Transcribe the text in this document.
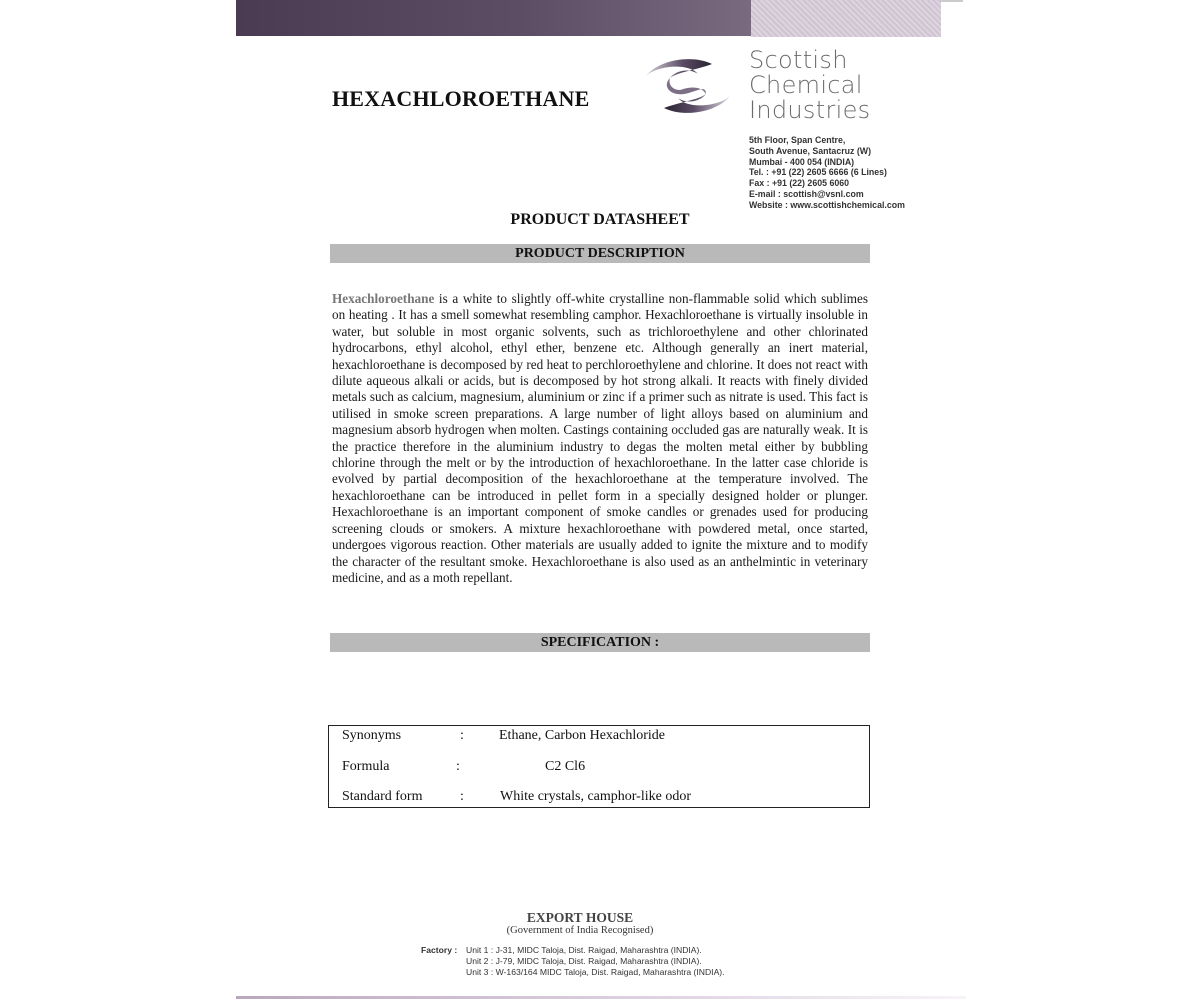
HEXACHLOROETHANE
Scottish
Chemical
Industries
5th Floor, Span Centre,
South Avenue, Santacruz (W)
Mumbai - 400 054 (INDIA)
Tel. : +91 (22) 2605 6666 (6 Lines)
Fax : +91 (22) 2605 6060
E-mail : scottish@vsnl.com
Website : www.scottishchemical.com
PRODUCT DATASHEET
PRODUCT DESCRIPTION

Hexachloroethane is a white to slightly off-white crystalline non-flammable solid which sublimes on heating . It has a smell somewhat resembling camphor. Hexachloroethane is virtually insoluble in water, but soluble in most organic solvents, such as trichloroethylene and other chlorinated hydrocarbons, ethyl alcohol, ethyl ether, benzene etc. Although generally an inert material, hexachloroethane is decomposed by red heat to perchloroethylene and chlorine. It does not react with dilute aqueous alkali or acids, but is decomposed by hot strong alkali. It reacts with finely divided metals such as calcium, magnesium, aluminium or zinc if a primer such as nitrate is used. This fact is utilised in smoke screen preparations. A large number of light alloys based on aluminium and magnesium absorb hydrogen when molten. Castings containing occluded gas are naturally weak. It is the practice therefore in the aluminium industry to degas the molten metal either by bubbling chlorine through the melt or by the introduction of hexachloroethane. In the latter case chloride is evolved by partial decomposition of the hexachloroethane at the temperature involved. The hexachloroethane can be introduced in pellet form in a specially designed holder or plunger. Hexachloroethane is an important component of smoke candles or grenades used for producing screening clouds or smokers. A mixture hexachloroethane with powdered metal, once started, undergoes vigorous reaction. Other materials are usually added to ignite the mixture and to modify the character of the resultant smoke. Hexachloroethane is also used as an anthelmintic in veterinary medicine, and as a moth repellant.

SPECIFICATION :
Synonyms	:	Ethane, Carbon Hexachloride
Formula	:	C2 Cl6
Standard form	:	White crystals, camphor-like odor
EXPORT HOUSE
(Government of India Recognised)
Factory : Unit 1 : J-31, MIDC Taloja, Dist. Raigad, Maharashtra (INDIA).
Unit 2 : J-79, MIDC Taloja, Dist. Raigad, Maharashtra (INDIA).
Unit 3 : W-163/164 MIDC Taloja, Dist. Raigad, Maharashtra (INDIA).
